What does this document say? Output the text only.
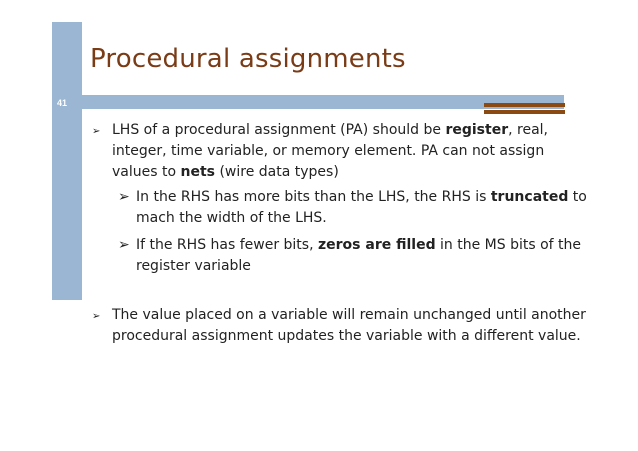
41
Procedural assignments
➢ LHS of a procedural assignment (PA) should be register, real, integer, time variable, or memory element. PA can not assign values to nets (wire data types)
➢ In the RHS has more bits than the LHS, the RHS is truncated to mach the width of the LHS.
➢ If the RHS has fewer bits, zeros are filled in the MS bits of the register variable
➢ The value placed on a variable will remain unchanged until another procedural assignment updates the variable with a different value.
